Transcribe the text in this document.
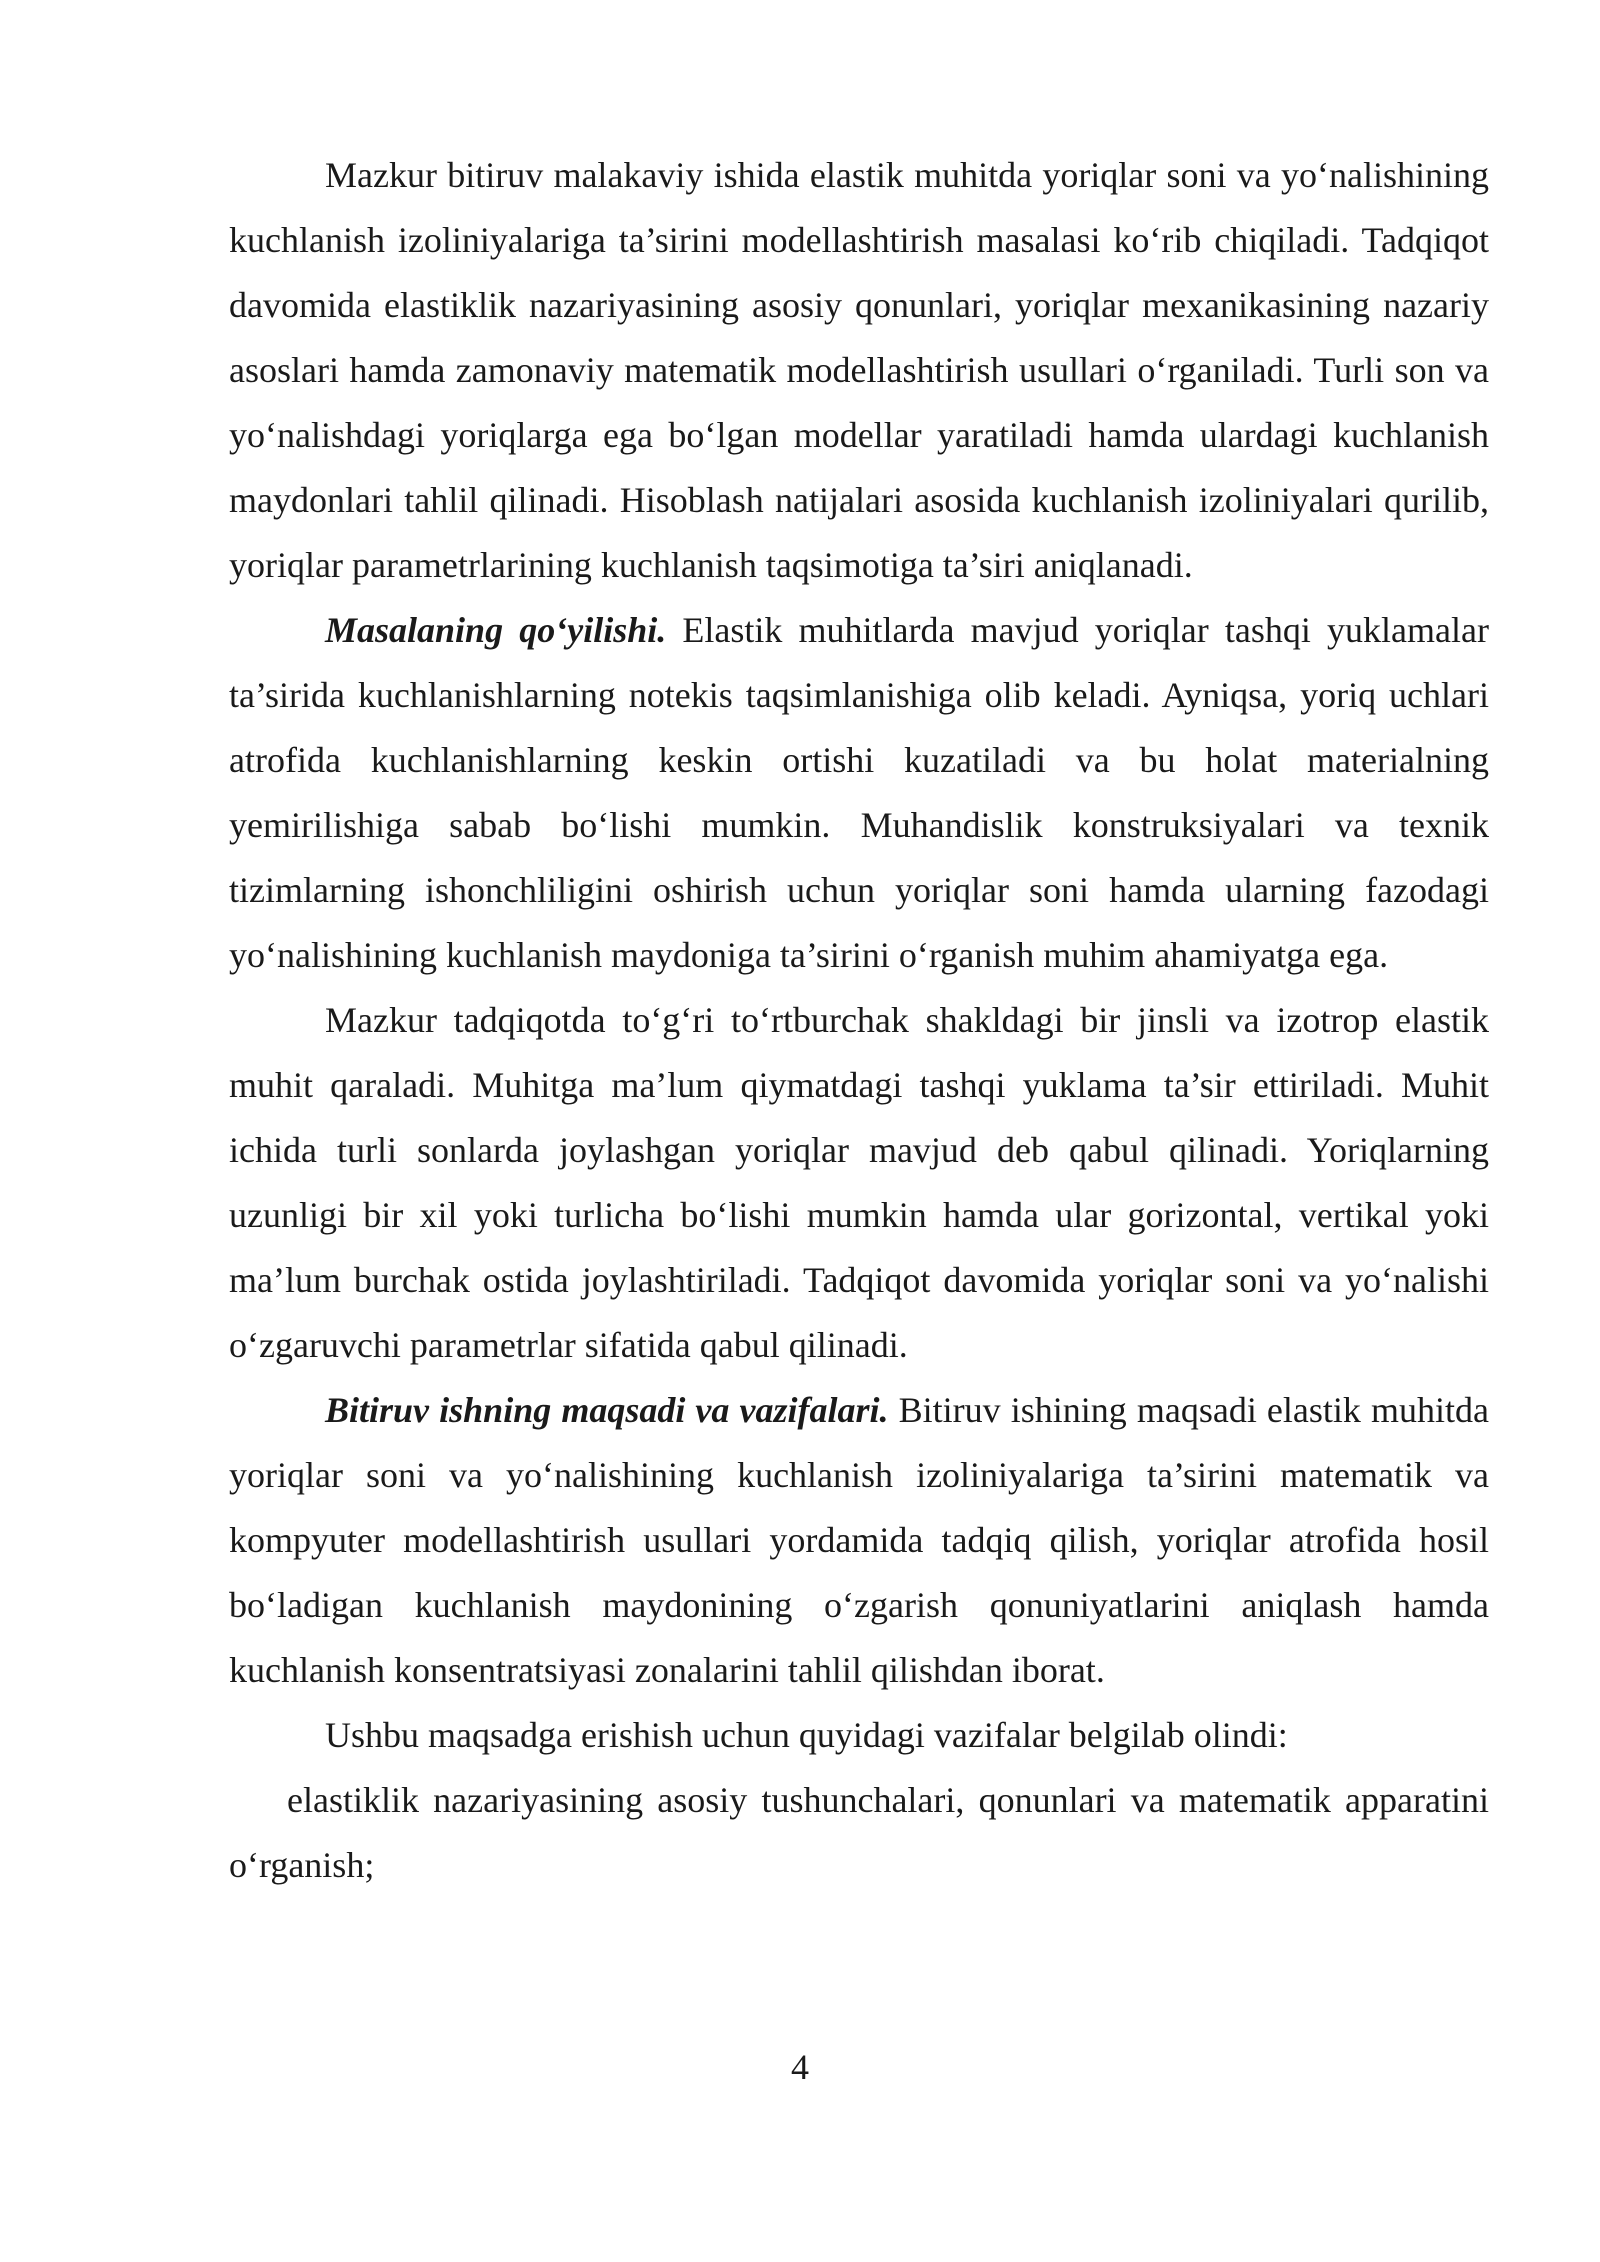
Mazkur bitiruv malakaviy ishida elastik muhitda yoriqlar soni va yo‘nalishining kuchlanish izoliniyalariga ta’sirini modellashtirish masalasi ko‘rib chiqiladi. Tadqiqot davomida elastiklik nazariyasining asosiy qonunlari, yoriqlar mexanikasining nazariy asoslari hamda zamonaviy matematik modellashtirish usullari o‘rganiladi. Turli son va yo‘nalishdagi yoriqlarga ega bo‘lgan modellar yaratiladi hamda ulardagi kuchlanish maydonlari tahlil qilinadi. Hisoblash natijalari asosida kuchlanish izoliniyalari qurilib, yoriqlar parametrlarining kuchlanish taqsimotiga ta’siri aniqlanadi.

Masalaning qo‘yilishi. Elastik muhitlarda mavjud yoriqlar tashqi yuklamalar ta’sirida kuchlanishlarning notekis taqsimlanishiga olib keladi. Ayniqsa, yoriq uchlari atrofida kuchlanishlarning keskin ortishi kuzatiladi va bu holat materialning yemirilishiga sabab bo‘lishi mumkin. Muhandislik konstruksiyalari va texnik tizimlarning ishonchliligini oshirish uchun yoriqlar soni hamda ularning fazodagi yo‘nalishining kuchlanish maydoniga ta’sirini o‘rganish muhim ahamiyatga ega.

Mazkur tadqiqotda to‘g‘ri to‘rtburchak shakldagi bir jinsli va izotrop elastik muhit qaraladi. Muhitga ma’lum qiymatdagi tashqi yuklama ta’sir ettiriladi. Muhit ichida turli sonlarda joylashgan yoriqlar mavjud deb qabul qilinadi. Yoriqlarning uzunligi bir xil yoki turlicha bo‘lishi mumkin hamda ular gorizontal, vertikal yoki ma’lum burchak ostida joylashtiriladi. Tadqiqot davomida yoriqlar soni va yo‘nalishi o‘zgaruvchi parametrlar sifatida qabul qilinadi.

Bitiruv ishning maqsadi va vazifalari. Bitiruv ishining maqsadi elastik muhitda yoriqlar soni va yo‘nalishining kuchlanish izoliniyalariga ta’sirini matematik va kompyuter modellashtirish usullari yordamida tadqiq qilish, yoriqlar atrofida hosil bo‘ladigan kuchlanish maydonining o‘zgarish qonuniyatlarini aniqlash hamda kuchlanish konsentratsiyasi zonalarini tahlil qilishdan iborat.

Ushbu maqsadga erishish uchun quyidagi vazifalar belgilab olindi:

elastiklik nazariyasining asosiy tushunchalari, qonunlari va matematik apparatini o‘rganish;

4
